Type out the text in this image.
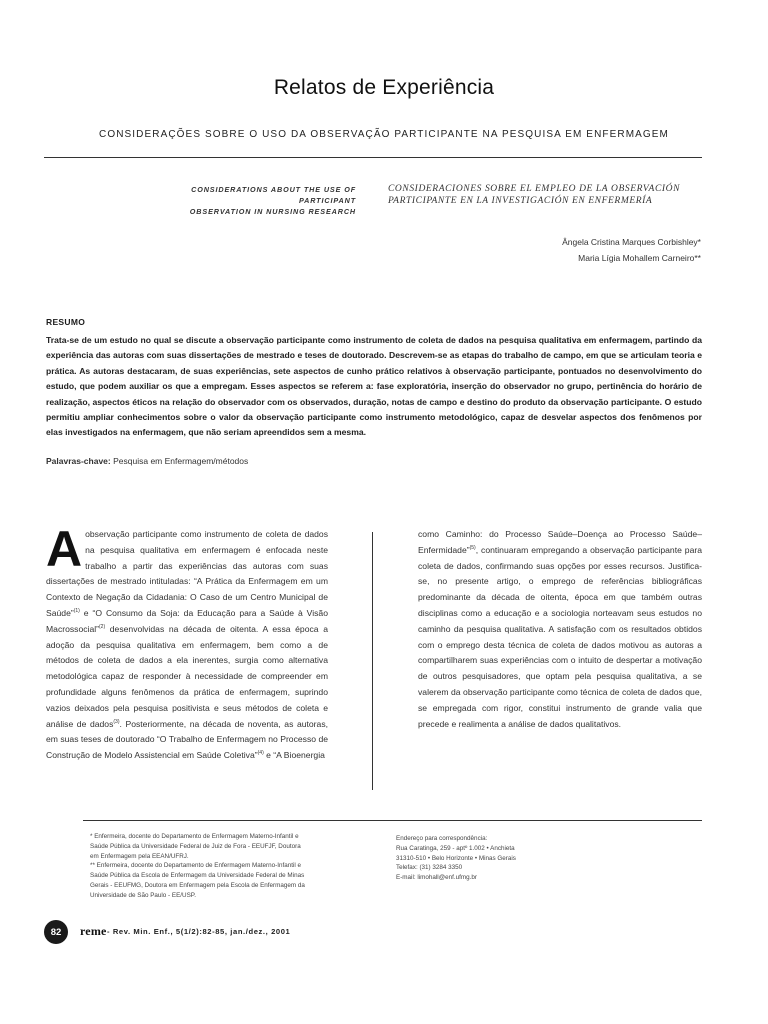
Relatos de Experiência
CONSIDERAÇÕES SOBRE O USO DA OBSERVAÇÃO PARTICIPANTE NA PESQUISA EM ENFERMAGEM
CONSIDERATIONS ABOUT THE USE OF PARTICIPANT
OBSERVATION IN NURSING RESEARCH
CONSIDERACIONES SOBRE EL EMPLEO DE LA OBSERVACIÓN
PARTICIPANTE EN LA INVESTIGACIÓN EN ENFERMERÍA
Ângela Cristina Marques Corbishley*
Maria Lígia Mohallem Carneiro**
RESUMO
Trata-se de um estudo no qual se discute a observação participante como instrumento de coleta de dados na pesquisa qualitativa em enfermagem, partindo da experiência das autoras com suas dissertações de mestrado e teses de doutorado. Descrevem-se as etapas do trabalho de campo, em que se articulam teoria e prática. As autoras destacaram, de suas experiências, sete aspectos de cunho prático relativos à observação participante, pontuados no desenvolvimento do estudo, que podem auxiliar os que a empregam. Esses aspectos se referem a: fase exploratória, inserção do observador no grupo, pertinência do horário de realização, aspectos éticos na relação do observador com os observados, duração, notas de campo e destino do produto da observação participante. O estudo permitiu ampliar conhecimentos sobre o valor da observação participante como instrumento metodológico, capaz de desvelar aspectos dos fenômenos por elas investigados na enfermagem, que não seriam apreendidos sem a mesma.
Palavras-chave: Pesquisa em Enfermagem/métodos
Aobservação participante como instrumento de coleta de dados na pesquisa qualitativa em enfermagem é enfocada neste trabalho a partir das experiências das autoras com suas dissertações de mestrado intituladas: “A Prática da Enfermagem em um Contexto de Negação da Cidadania: O Caso de um Centro Municipal de Saúde”$^{(1)}$ e “O Consumo da Soja: da Educação para a Saúde à Visão Macrossocial”$^{(2)}$ desenvolvidas na década de oitenta. A essa época a adoção da pesquisa qualitativa em enfermagem, bem como a de métodos de coleta de dados a ela inerentes, surgia como alternativa metodológica capaz de responder à necessidade de compreender em profundidade alguns fenômenos da prática de enfermagem, suprindo vazios deixados pela pesquisa positivista e seus métodos de coleta e análise de dados$^{(3)}$. Posteriormente, na década de noventa, as autoras, em suas teses de doutorado “O Trabalho de Enfermagem no Processo de Construção de Modelo Assistencial em Saúde Coletiva”$^{(4)}$ e “A Bioenergia
como Caminho: do Processo Saúde–Doença ao Processo Saúde–Enfermidade”$^{(5)}$, continuaram empregando a observação participante para coleta de dados, confirmando suas opções por esses recursos. Justifica-se, no presente artigo, o emprego de referências bibliográficas predominante da década de oitenta, época em que também outras disciplinas como a educação e a sociologia norteavam seus estudos no caminho da pesquisa qualitativa. A satisfação com os resultados obtidos com o emprego desta técnica de coleta de dados motivou as autoras a compartilharem suas experiências com o intuito de despertar a motivação de outros pesquisadores, que optam pela pesquisa qualitativa, a se valerem da observação participante como técnica de coleta de dados que, se empregada com rigor, constitui instrumento de grande valia que precede e realimenta a análise de dados qualitativos.
* Enfermeira, docente do Departamento de Enfermagem Materno-Infantil e
Saúde Pública da Universidade Federal de Juiz de Fora - EEUFJF, Doutora
em Enfermagem pela EEAN/UFRJ.
** Enfermeira, docente do Departamento de Enfermagem Materno-Infantil e
Saúde Pública da Escola de Enfermagem da Universidade Federal de Minas
Gerais - EEUFMG, Doutora em Enfermagem pela Escola de Enfermagem da
Universidade de São Paulo - EE/USP.
Endereço para correspondência:
Rua Caratinga, 259 - aptº 1.002 • Anchieta
31310-510 • Belo Horizonte • Minas Gerais
Telefax: (31) 3284 3350
E-mail: limohall@enf.ufmg.br
82 reme - Rev. Min. Enf., 5(1/2):82-85, jan./dez., 2001
